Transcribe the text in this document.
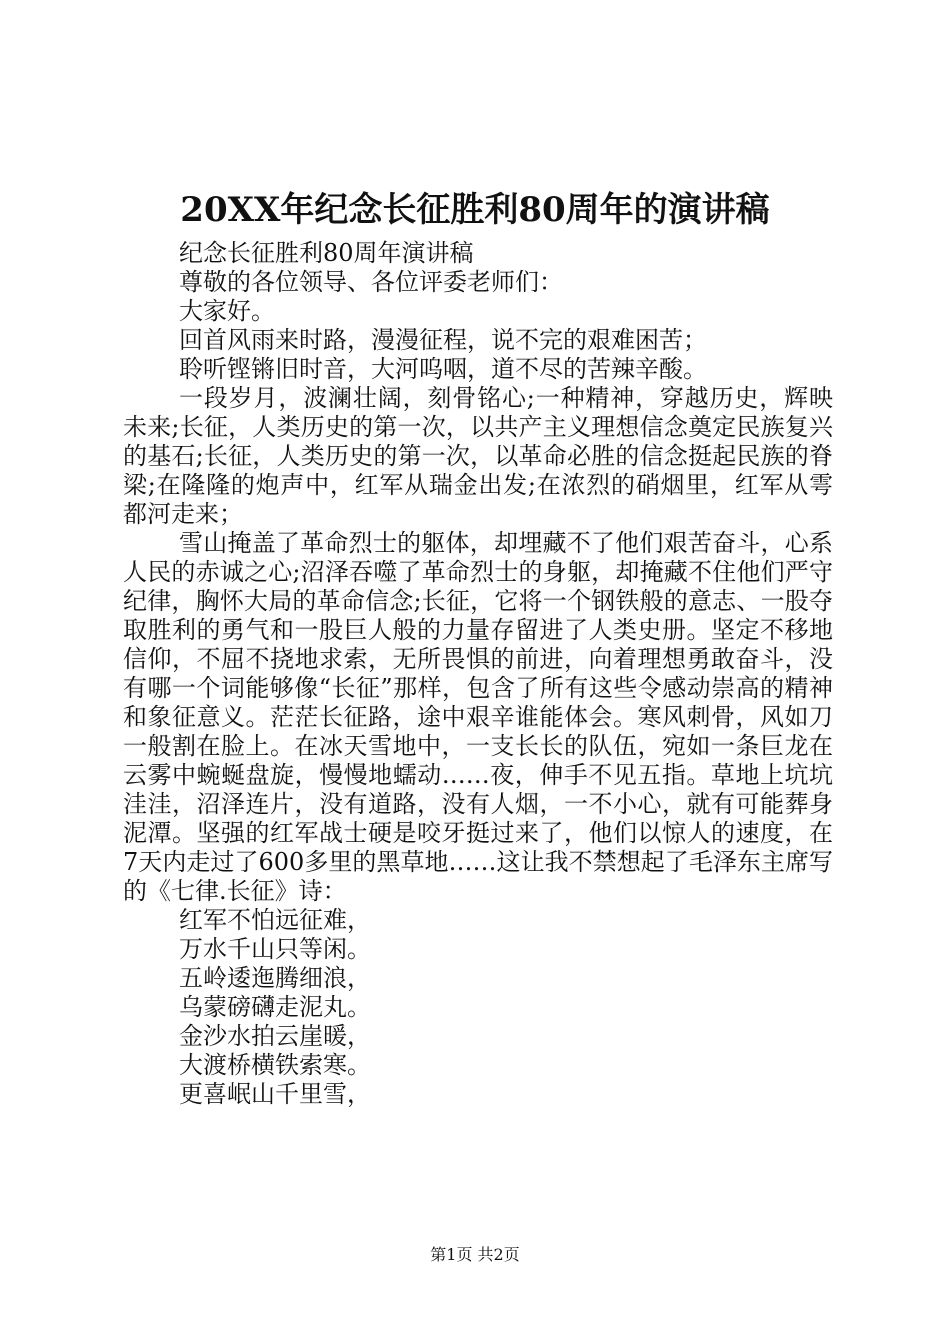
20XX年纪念长征胜利80周年的演讲稿

纪念长征胜利80周年演讲稿

尊敬的各位领导、各位评委老师们：

大家好。

回首风雨来时路，漫漫征程，说不完的艰难困苦；

聆听铿锵旧时音，大河呜咽，道不尽的苦辣辛酸。

一段岁月，波澜壮阔，刻骨铭心;一种精神，穿越历史，辉映未来;长征，人类历史的第一次，以共产主义理想信念奠定民族复兴的基石;长征，人类历史的第一次，以革命必胜的信念挺起民族的脊梁;在隆隆的炮声中，红军从瑞金出发;在浓烈的硝烟里，红军从雩都河走来；

雪山掩盖了革命烈士的躯体，却埋藏不了他们艰苦奋斗，心系人民的赤诚之心;沼泽吞噬了革命烈士的身躯，却掩藏不住他们严守纪律，胸怀大局的革命信念;长征，它将一个钢铁般的意志、一股夺取胜利的勇气和一股巨人般的力量存留进了人类史册。坚定不移地信仰，不屈不挠地求索，无所畏惧的前进，向着理想勇敢奋斗，没有哪一个词能够像“长征”那样，包含了所有这些令感动崇高的精神和象征意义。茫茫长征路，途中艰辛谁能体会。寒风刺骨，风如刀一般割在脸上。在冰天雪地中，一支长长的队伍，宛如一条巨龙在云雾中蜿蜒盘旋，慢慢地蠕动……夜，伸手不见五指。草地上坑坑洼洼，沼泽连片，没有道路，没有人烟，一不小心，就有可能葬身泥潭。坚强的红军战士硬是咬牙挺过来了，他们以惊人的速度，在7天内走过了600多里的黑草地……这让我不禁想起了毛泽东主席写的《七律.长征》诗：

红军不怕远征难，

万水千山只等闲。

五岭逶迤腾细浪，

乌蒙磅礴走泥丸。

金沙水拍云崖暖，

大渡桥横铁索寒。

更喜岷山千里雪，

第1页 共2页
